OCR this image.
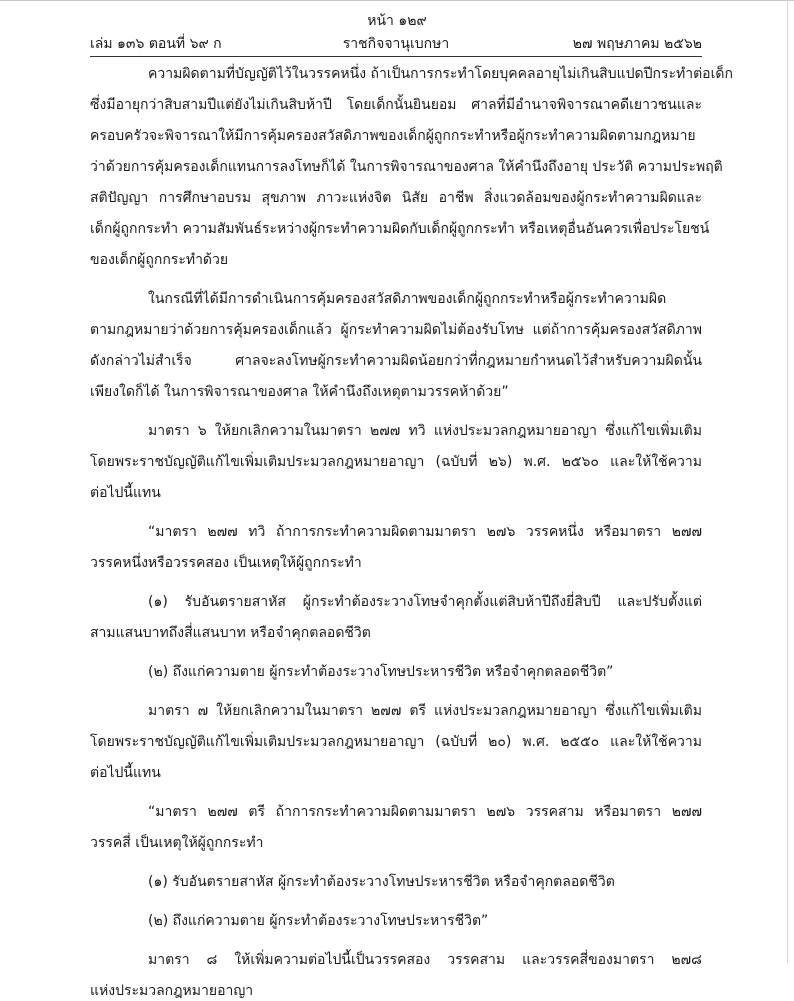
หน้า ๑๒๙
เล่ม ๑๓๖ ตอนที่ ๖๙ ก	ราชกิจจานุเบกษา	๒๗ พฤษภาคม ๒๕๖๒
ความผิดตามที่บัญญัติไว้ในวรรคหนึ่ง ถ้าเป็นการกระทำโดยบุคคลอายุไม่เกินสิบแปดปีกระทำต่อเด็ก
ซึ่งมีอายุกว่าสิบสามปีแต่ยังไม่เกินสิบห้าปี โดยเด็กนั้นยินยอม ศาลที่มีอำนาจพิจารณาคดีเยาวชนและ
ครอบครัวจะพิจารณาให้มีการคุ้มครองสวัสดิภาพของเด็กผู้ถูกกระทำหรือผู้กระทำความผิดตามกฎหมาย
ว่าด้วยการคุ้มครองเด็กแทนการลงโทษก็ได้ ในการพิจารณาของศาล ให้คำนึงถึงอายุ ประวัติ ความประพฤติ
สติปัญญา การศึกษาอบรม สุขภาพ ภาวะแห่งจิต นิสัย อาชีพ สิ่งแวดล้อมของผู้กระทำความผิดและ
เด็กผู้ถูกกระทำ ความสัมพันธ์ระหว่างผู้กระทำความผิดกับเด็กผู้ถูกกระทำ หรือเหตุอื่นอันควรเพื่อประโยชน์
ของเด็กผู้ถูกกระทำด้วย
ในกรณีที่ได้มีการดำเนินการคุ้มครองสวัสดิภาพของเด็กผู้ถูกกระทำหรือผู้กระทำความผิด
ตามกฎหมายว่าด้วยการคุ้มครองเด็กแล้ว ผู้กระทำความผิดไม่ต้องรับโทษ แต่ถ้าการคุ้มครองสวัสดิภาพ
ดังกล่าวไม่สำเร็จ ศาลจะลงโทษผู้กระทำความผิดน้อยกว่าที่กฎหมายกำหนดไว้สำหรับความผิดนั้น
เพียงใดก็ได้ ในการพิจารณาของศาล ให้คำนึงถึงเหตุตามวรรคห้าด้วย”
มาตรา ๖ ให้ยกเลิกความในมาตรา ๒๗๗ ทวิ แห่งประมวลกฎหมายอาญา ซึ่งแก้ไขเพิ่มเติม
โดยพระราชบัญญัติแก้ไขเพิ่มเติมประมวลกฎหมายอาญา (ฉบับที่ ๒๖) พ.ศ. ๒๕๖๐ และให้ใช้ความ
ต่อไปนี้แทน
“มาตรา ๒๗๗ ทวิ ถ้าการกระทำความผิดตามมาตรา ๒๗๖ วรรคหนึ่ง หรือมาตรา ๒๗๗
วรรคหนึ่งหรือวรรคสอง เป็นเหตุให้ผู้ถูกกระทำ
(๑) รับอันตรายสาหัส ผู้กระทำต้องระวางโทษจำคุกตั้งแต่สิบห้าปีถึงยี่สิบปี และปรับตั้งแต่
สามแสนบาทถึงสี่แสนบาท หรือจำคุกตลอดชีวิต
(๒) ถึงแก่ความตาย ผู้กระทำต้องระวางโทษประหารชีวิต หรือจำคุกตลอดชีวิต”
มาตรา ๗ ให้ยกเลิกความในมาตรา ๒๗๗ ตรี แห่งประมวลกฎหมายอาญา ซึ่งแก้ไขเพิ่มเติม
โดยพระราชบัญญัติแก้ไขเพิ่มเติมประมวลกฎหมายอาญา (ฉบับที่ ๒๐) พ.ศ. ๒๕๕๐ และให้ใช้ความ
ต่อไปนี้แทน
“มาตรา ๒๗๗ ตรี ถ้าการกระทำความผิดตามมาตรา ๒๗๖ วรรคสาม หรือมาตรา ๒๗๗
วรรคสี่ เป็นเหตุให้ผู้ถูกกระทำ
(๑) รับอันตรายสาหัส ผู้กระทำต้องระวางโทษประหารชีวิต หรือจำคุกตลอดชีวิต
(๒) ถึงแก่ความตาย ผู้กระทำต้องระวางโทษประหารชีวิต”
มาตรา ๘ ให้เพิ่มความต่อไปนี้เป็นวรรคสอง วรรคสาม และวรรคสี่ของมาตรา ๒๗๘
แห่งประมวลกฎหมายอาญา
